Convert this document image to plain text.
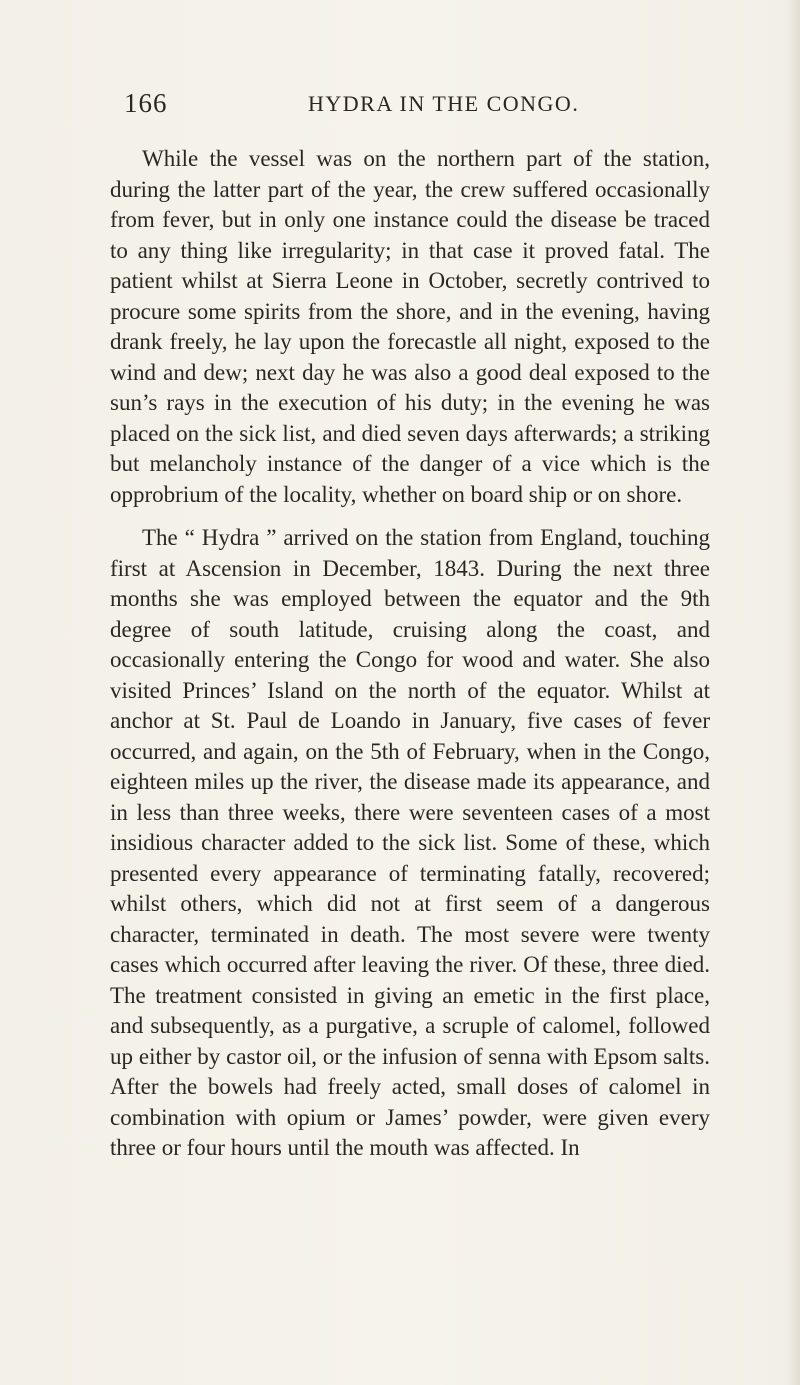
166	HYDRA IN THE CONGO.

While the vessel was on the northern part of the station, during the latter part of the year, the crew suffered occasionally from fever, but in only one instance could the disease be traced to any thing like irregularity; in that case it proved fatal. The patient whilst at Sierra Leone in October, secretly contrived to procure some spirits from the shore, and in the evening, having drank freely, he lay upon the forecastle all night, exposed to the wind and dew; next day he was also a good deal exposed to the sun’s rays in the execution of his duty; in the evening he was placed on the sick list, and died seven days afterwards; a striking but melancholy instance of the danger of a vice which is the opprobrium of the locality, whether on board ship or on shore.

The “ Hydra ” arrived on the station from England, touching first at Ascension in December, 1843. During the next three months she was employed between the equator and the 9th degree of south latitude, cruising along the coast, and occasionally entering the Congo for wood and water. She also visited Princes’ Island on the north of the equator. Whilst at anchor at St. Paul de Loando in January, five cases of fever occurred, and again, on the 5th of February, when in the Congo, eighteen miles up the river, the disease made its appearance, and in less than three weeks, there were seventeen cases of a most insidious character added to the sick list. Some of these, which presented every appearance of terminating fatally, recovered; whilst others, which did not at first seem of a dangerous character, terminated in death. The most severe were twenty cases which occurred after leaving the river. Of these, three died. The treatment consisted in giving an emetic in the first place, and subsequently, as a purgative, a scruple of calomel, followed up either by castor oil, or the infusion of senna with Epsom salts. After the bowels had freely acted, small doses of calomel in combination with opium or James’ powder, were given every three or four hours until the mouth was affected. In
